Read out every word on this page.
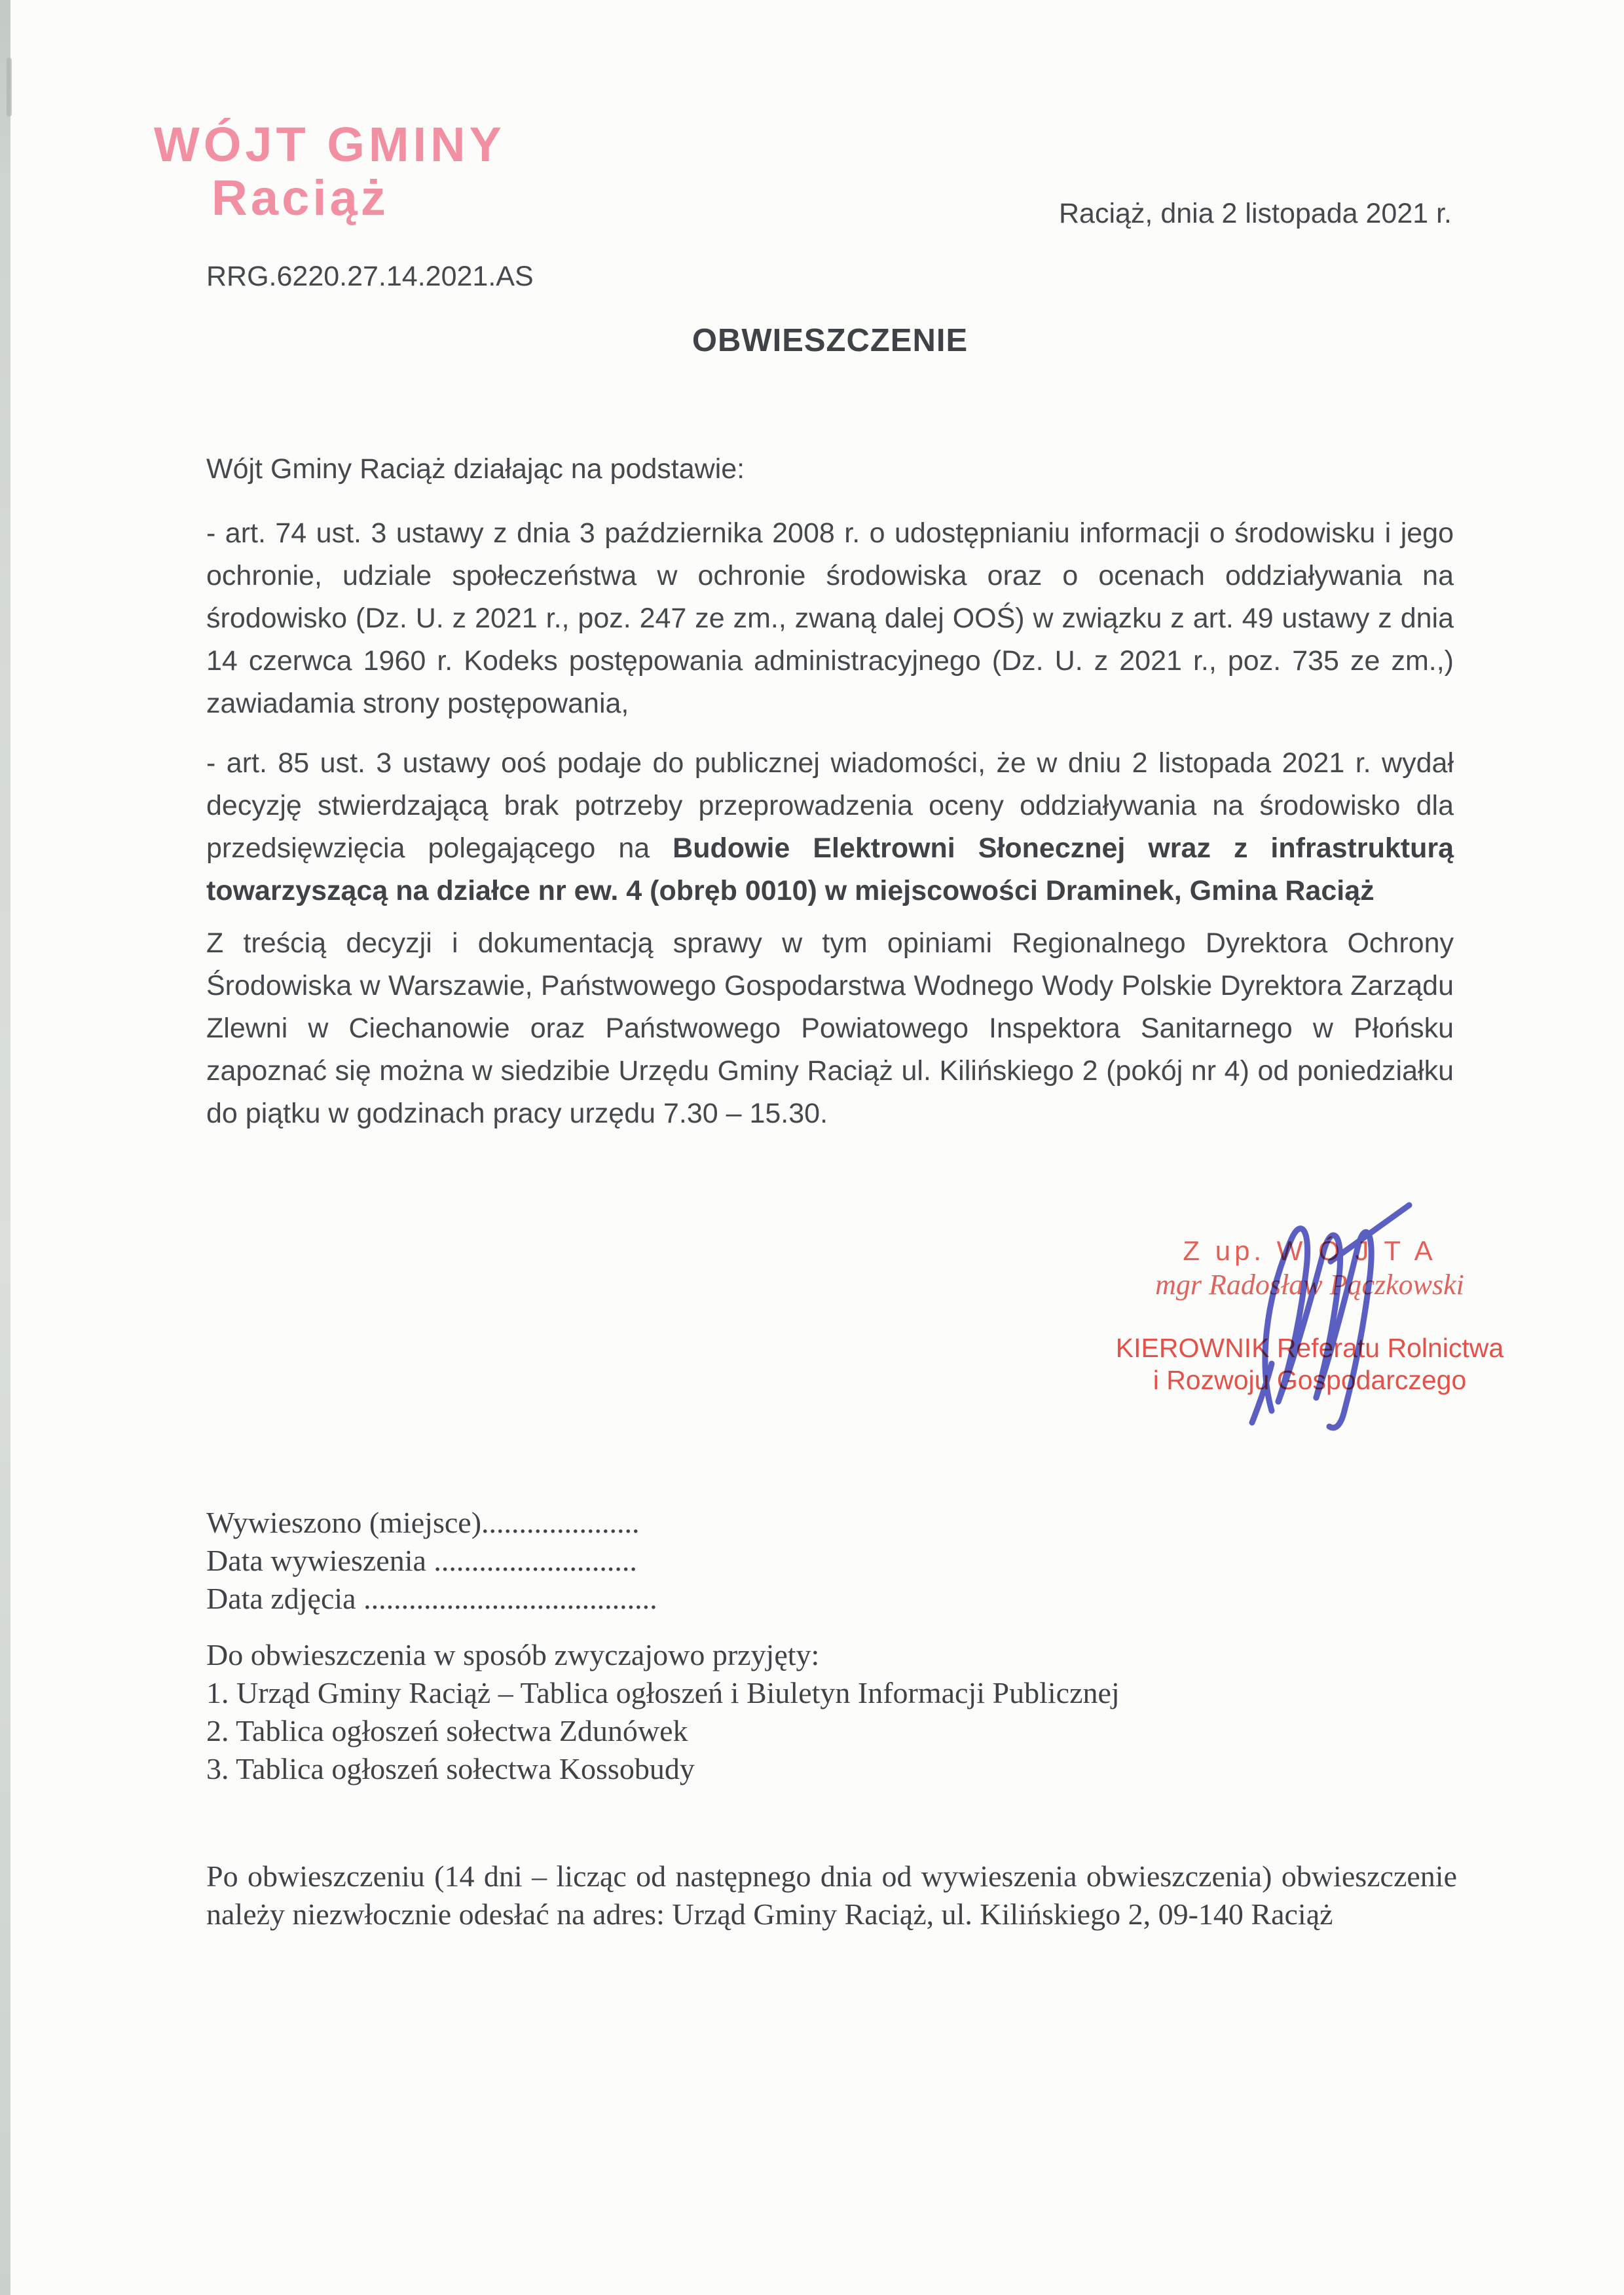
WÓJT GMINY
Raciąż	Raciąż, dnia 2 listopada 2021 r.
RRG.6220.27.14.2021.AS
OBWIESZCZENIE
Wójt Gminy Raciąż działając na podstawie:
- art. 74 ust. 3 ustawy z dnia 3 października 2008 r. o udostępnianiu informacji o środowisku i jego ochronie, udziale społeczeństwa w ochronie środowiska oraz o ocenach oddziaływania na środowisko (Dz. U. z 2021 r., poz. 247 ze zm., zwaną dalej OOŚ) w związku z art. 49 ustawy z dnia 14 czerwca 1960 r. Kodeks postępowania administracyjnego (Dz. U. z 2021 r., poz. 735 ze zm.,) zawiadamia strony postępowania,
- art. 85 ust. 3 ustawy ooś podaje do publicznej wiadomości, że w dniu 2 listopada 2021 r. wydał decyzję stwierdzającą brak potrzeby przeprowadzenia oceny oddziaływania na środowisko dla przedsięwzięcia polegającego na Budowie Elektrowni Słonecznej wraz z infrastrukturą towarzyszącą na działce nr ew. 4 (obręb 0010) w miejscowości Draminek, Gmina Raciąż
Z treścią decyzji i dokumentacją sprawy w tym opiniami Regionalnego Dyrektora Ochrony Środowiska w Warszawie, Państwowego Gospodarstwa Wodnego Wody Polskie Dyrektora Zarządu Zlewni w Ciechanowie oraz Państwowego Powiatowego Inspektora Sanitarnego w Płońsku zapoznać się można w siedzibie Urzędu Gminy Raciąż ul. Kilińskiego 2 (pokój nr 4) od poniedziałku do piątku w godzinach pracy urzędu 7.30 – 15.30.
Z up. W Ó J T A
mgr Radosław Pączkowski
KIEROWNIK Referatu Rolnictwa
i Rozwoju Gospodarczego
Wywieszono (miejsce).....................
Data wywieszenia ...........................
Data zdjęcia .......................................
Do obwieszczenia w sposób zwyczajowo przyjęty:
1. Urząd Gminy Raciąż – Tablica ogłoszeń i Biuletyn Informacji Publicznej
2. Tablica ogłoszeń sołectwa Zdunówek
3. Tablica ogłoszeń sołectwa Kossobudy
Po obwieszczeniu (14 dni – licząc od następnego dnia od wywieszenia obwieszczenia) obwieszczenie należy niezwłocznie odesłać na adres: Urząd Gminy Raciąż, ul. Kilińskiego 2, 09-140 Raciąż
